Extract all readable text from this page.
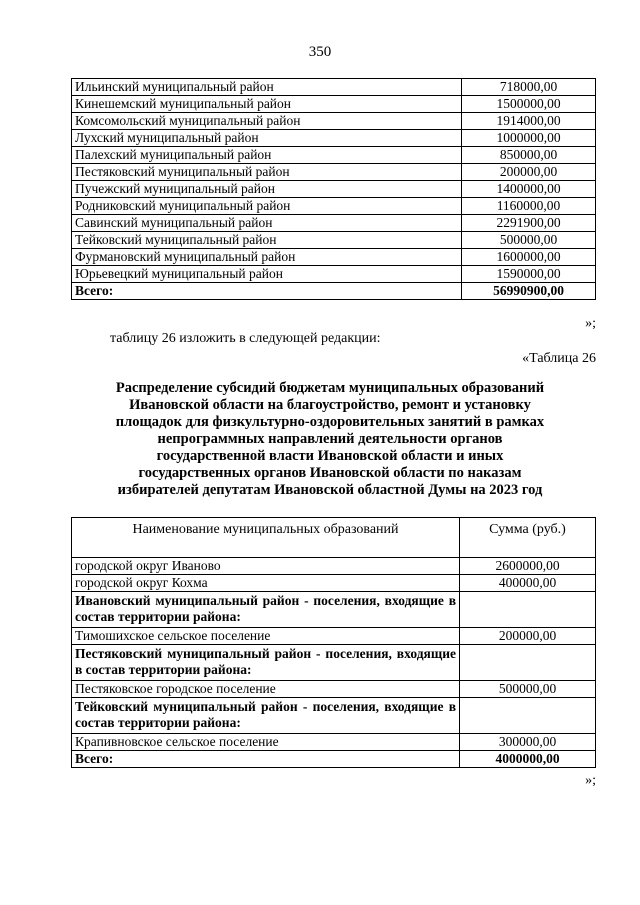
350
Ильинский муниципальный район	718000,00
Кинешемский муниципальный район	1500000,00
Комсомольский муниципальный район	1914000,00
Лухский муниципальный район	1000000,00
Палехский муниципальный район	850000,00
Пестяковский муниципальный район	200000,00
Пучежский муниципальный район	1400000,00
Родниковский муниципальный район	1160000,00
Савинский муниципальный район	2291900,00
Тейковский муниципальный район	500000,00
Фурмановский муниципальный район	1600000,00
Юрьевецкий муниципальный район	1590000,00
Всего:	56990900,00
»;
таблицу 26 изложить в следующей редакции:
«Таблица 26
Распределение субсидий бюджетам муниципальных образований
Ивановской области на благоустройство, ремонт и установку
площадок для физкультурно-оздоровительных занятий в рамках
непрограммных направлений деятельности органов
государственной власти Ивановской области и иных
государственных органов Ивановской области по наказам
избирателей депутатам Ивановской областной Думы на 2023 год
Наименование муниципальных образований	Сумма (руб.)
городской округ Иваново	2600000,00
городской округ Кохма	400000,00
Ивановский муниципальный район - поселения, входящие в состав территории района:	
Тимошихское сельское поселение	200000,00
Пестяковский муниципальный район - поселения, входящие в состав территории района:	
Пестяковское городское поселение	500000,00
Тейковский муниципальный район - поселения, входящие в состав территории района:	
Крапивновское сельское поселение	300000,00
Всего:	4000000,00
»;
